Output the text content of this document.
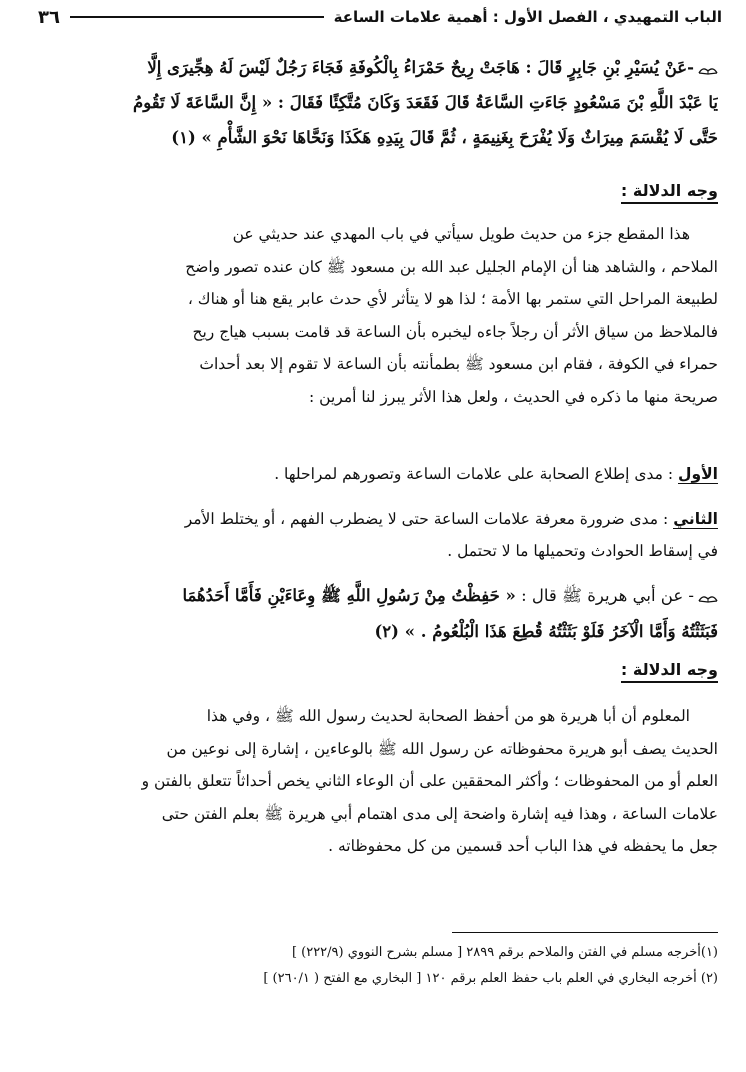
الباب التمهيدي ، الفصل الأول : أهمية علامات الساعة
٣٦
-عَنْ يُسَيْرِ بْنِ جَابِرٍ قَالَ : هَاجَتْ رِيحٌ حَمْرَاءُ بِالْكُوفَةِ فَجَاءَ رَجُلٌ لَيْسَ لَهُ هِجِّيرَى إِلَّا
يَا عَبْدَ اللَّهِ بْنَ مَسْعُودٍ جَاءَتِ السَّاعَةُ قَالَ فَقَعَدَ وَكَانَ مُتَّكِئًا فَقَالَ : « إِنَّ السَّاعَةَ لَا تَقُومُ
حَتَّى لَا يُقْسَمَ مِيرَاثٌ وَلَا يُفْرَحَ بِغَنِيمَةٍ ، ثُمَّ قَالَ بِيَدِهِ هَكَذَا وَنَحَّاهَا نَحْوَ الشَّأْمِ » (١)
وجه الدلالة :
هذا المقطع جزء من حديث طويل سيأتي في باب المهدي عند حديثي عن
الملاحم ، والشاهد هنا أن الإمام الجليل عبد الله بن مسعود ﷺ كان عنده تصور واضح
لطبيعة المراحل التي ستمر بها الأمة ؛ لذا هو لا يتأثر لأي حدث عابر يقع هنا أو هناك ،
فالملاحظ من سياق الأثر أن رجلاً جاءه ليخبره بأن الساعة قد قامت بسبب هياج ريح
حمراء في الكوفة ، فقام ابن مسعود ﷺ بطمأنته بأن الساعة لا تقوم إلا بعد أحداث
صريحة منها ما ذكره في الحديث ، ولعل هذا الأثر يبرز لنا أمرين :
الأول : مدى إطلاع الصحابة على علامات الساعة وتصورهم لمراحلها .
الثاني : مدى ضرورة معرفة علامات الساعة حتى لا يضطرب الفهم ، أو يختلط الأمر
في إسقاط الحوادث وتحميلها ما لا تحتمل .
- عن أبي هريرة ﷺ قال : « حَفِظْتُ مِنْ رَسُولِ اللَّهِ ﷺ وِعَاءَيْنِ فَأَمَّا أَحَدُهُمَا
فَبَثَثْتُهُ وَأَمَّا الْآخَرُ فَلَوْ بَثَثْتُهُ قُطِعَ هَذَا الْبُلْعُومُ . » (٢)
وجه الدلالة :
المعلوم أن أبا هريرة هو من أحفظ الصحابة لحديث رسول الله ﷺ ، وفي هذا
الحديث يصف أبو هريرة محفوظاته عن رسول الله ﷺ بالوعاءين ، إشارة إلى نوعين من
العلم أو من المحفوظات ؛ وأكثر المحققين على أن الوعاء الثاني يخص أحداثاً تتعلق بالفتن و
علامات الساعة ، وهذا فيه إشارة واضحة إلى مدى اهتمام أبي هريرة ﷺ بعلم الفتن حتى
جعل ما يحفظه في هذا الباب أحد قسمين من كل محفوظاته .
(١)أخرجه مسلم في الفتن والملاحم برقم ٢٨٩٩ [ مسلم بشرح النووي (٢٢٢/٩) ]
(٢) أخرجه البخاري في العلم باب حفظ العلم برقم ١٢٠ [ البخاري مع الفتح ( ٢٦٠/١) ]
